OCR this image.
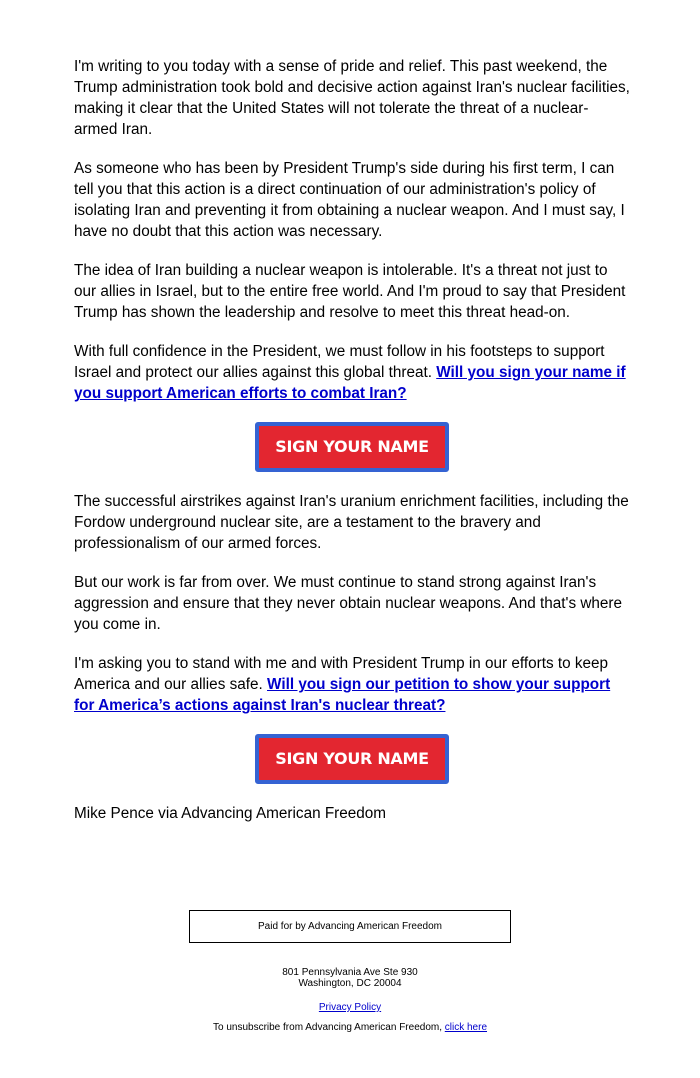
I'm writing to you today with a sense of pride and relief. This past weekend, the Trump administration took bold and decisive action against Iran's nuclear facilities, making it clear that the United States will not tolerate the threat of a nuclear-armed Iran.

As someone who has been by President Trump's side during his first term, I can tell you that this action is a direct continuation of our administration's policy of isolating Iran and preventing it from obtaining a nuclear weapon. And I must say, I have no doubt that this action was necessary.

The idea of Iran building a nuclear weapon is intolerable. It's a threat not just to our allies in Israel, but to the entire free world. And I'm proud to say that President Trump has shown the leadership and resolve to meet this threat head-on.

With full confidence in the President, we must follow in his footsteps to support Israel and protect our allies against this global threat. Will you sign your name if you support American efforts to combat Iran?

SIGN YOUR NAME

The successful airstrikes against Iran's uranium enrichment facilities, including the Fordow underground nuclear site, are a testament to the bravery and professionalism of our armed forces.

But our work is far from over. We must continue to stand strong against Iran's aggression and ensure that they never obtain nuclear weapons. And that's where you come in.

I'm asking you to stand with me and with President Trump in our efforts to keep America and our allies safe. Will you sign our petition to show your support for America’s actions against Iran's nuclear threat?

SIGN YOUR NAME

Mike Pence via Advancing American Freedom

Paid for by Advancing American Freedom
801 Pennsylvania Ave Ste 930
Washington, DC 20004
Privacy Policy
To unsubscribe from Advancing American Freedom, click here
